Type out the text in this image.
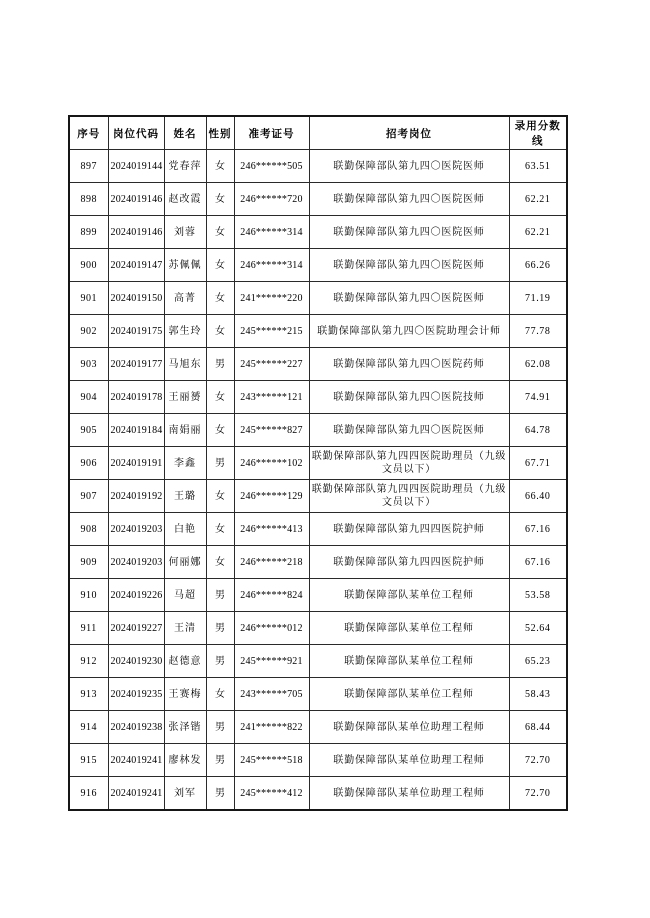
序号	岗位代码	姓名	性别	准考证号	招考岗位	录用分数线
897	2024019144	党春萍	女	246******505	联勤保障部队第九四〇医院医师	63.51
898	2024019146	赵改霞	女	246******720	联勤保障部队第九四〇医院医师	62.21
899	2024019146	刘蓉	女	246******314	联勤保障部队第九四〇医院医师	62.21
900	2024019147	苏佩佩	女	246******314	联勤保障部队第九四〇医院医师	66.26
901	2024019150	高菁	女	241******220	联勤保障部队第九四〇医院医师	71.19
902	2024019175	郭生玲	女	245******215	联勤保障部队第九四〇医院助理会计师	77.78
903	2024019177	马旭东	男	245******227	联勤保障部队第九四〇医院药师	62.08
904	2024019178	王丽赟	女	243******121	联勤保障部队第九四〇医院技师	74.91
905	2024019184	南娟丽	女	245******827	联勤保障部队第九四〇医院医师	64.78
906	2024019191	李鑫	男	246******102	联勤保障部队第九四四医院助理员（九级文员以下）	67.71
907	2024019192	王璐	女	246******129	联勤保障部队第九四四医院助理员（九级文员以下）	66.40
908	2024019203	白艳	女	246******413	联勤保障部队第九四四医院护师	67.16
909	2024019203	何丽娜	女	246******218	联勤保障部队第九四四医院护师	67.16
910	2024019226	马超	男	246******824	联勤保障部队某单位工程师	53.58
911	2024019227	王清	男	246******012	联勤保障部队某单位工程师	52.64
912	2024019230	赵德意	男	245******921	联勤保障部队某单位工程师	65.23
913	2024019235	王赛梅	女	243******705	联勤保障部队某单位工程师	58.43
914	2024019238	张泽锴	男	241******822	联勤保障部队某单位助理工程师	68.44
915	2024019241	廖林发	男	245******518	联勤保障部队某单位助理工程师	72.70
916	2024019241	刘军	男	245******412	联勤保障部队某单位助理工程师	72.70
